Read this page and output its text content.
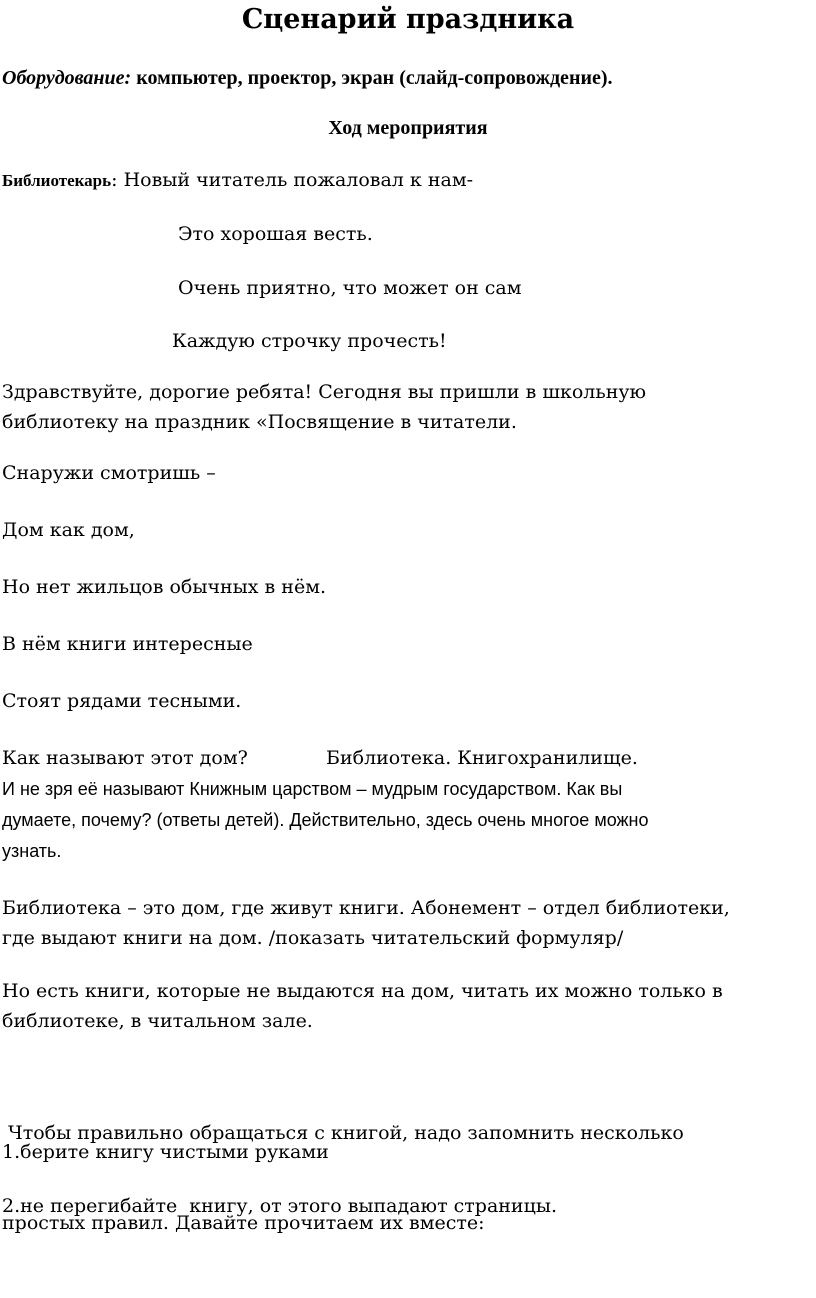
Сценарий праздника
Оборудование: компьютер, проектор, экран (слайд-сопровождение).
Ход мероприятия
Библиотекарь: Новый читатель пожаловал к нам-
Это хорошая весть.
Очень приятно, что может он сам
Каждую строчку прочесть!
Здравствуйте, дорогие ребята! Сегодня вы пришли в школьную
библиотеку на праздник «Посвящение в читатели.
Снаружи смотришь –
Дом как дом,
Но нет жильцов обычных в нём.
В нём книги интересные
Стоят рядами тесными.
Как называют этот дом?	Библиотека. Книгохранилище.
И не зря её называют Книжным царством – мудрым государством. Как вы
думаете, почему? (ответы детей). Действительно, здесь очень многое можно
узнать.
Библиотека – это дом, где живут книги. Абонемент – отдел библиотеки,
где выдают книги на дом. /показать читательский формуляр/
Но есть книги, которые не выдаются на дом, читать их можно только в
библиотеке, в читальном зале.

Чтобы правильно обращаться с книгой, надо запомнить несколько

простых правил. Давайте прочитаем их вместе:

1.берите книгу чистыми руками
2.не перегибайте  книгу, от этого выпадают страницы.
